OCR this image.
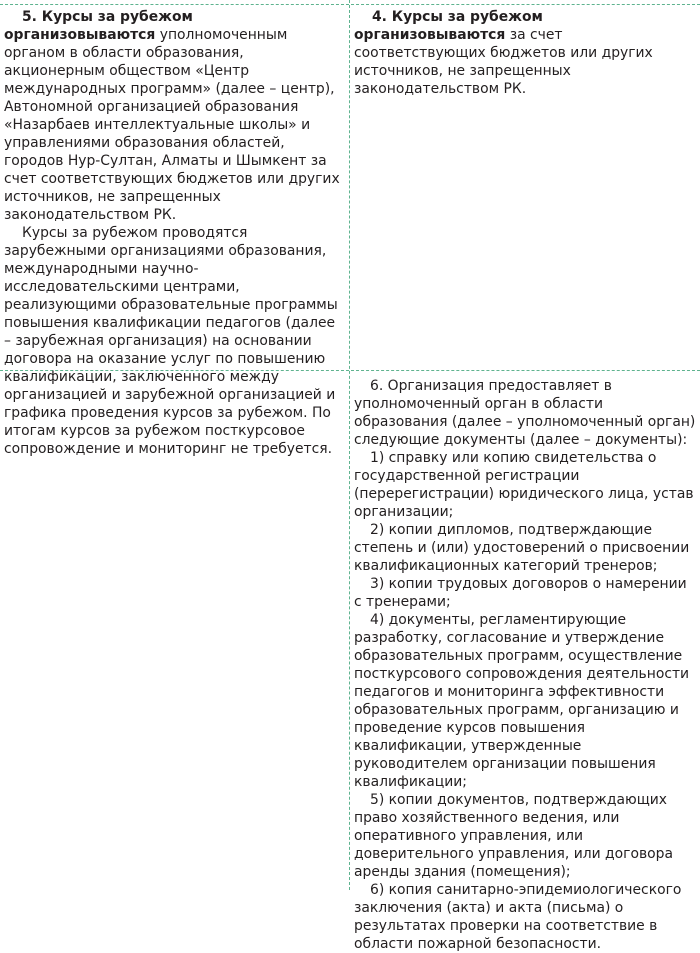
5. Курсы за рубежом организовываются уполномоченным органом в области образования, акционерным обществом «Центр международных программ» (далее – центр), Автономной организацией образования «Назарбаев интеллектуальные школы» и управлениями образования областей, городов Нур-Султан, Алматы и Шымкент за счет соответствующих бюджетов или других источников, не запрещенных законодательством РК.

Курсы за рубежом проводятся зарубежными организациями образования, международными научно-исследовательскими центрами, реализующими образовательные программы повышения квалификации педагогов (далее – зарубежная организация) на основании договора на оказание услуг по повышению квалификации, заключенного между организацией и зарубежной организацией и графика проведения курсов за рубежом. По итогам курсов за рубежом посткурсовое сопровождение и мониторинг не требуется.

4. Курсы за рубежом организовываются за счет соответствующих бюджетов или других источников, не запрещенных законодательством РК.

6. Организация предоставляет в уполномоченный орган в области образования (далее – уполномоченный орган) следующие документы (далее – документы):

1) справку или копию свидетельства о государственной регистрации (перерегистрации) юридического лица, устав организации;

2) копии дипломов, подтверждающие степень и (или) удостоверений о присвоении квалификационных категорий тренеров;

3) копии трудовых договоров о намерении с тренерами;

4) документы, регламентирующие разработку, согласование и утверждение образовательных программ, осуществление посткурсового сопровождения деятельности педагогов и мониторинга эффективности образовательных программ, организацию и проведение курсов повышения квалификации, утвержденные руководителем организации повышения квалификации;

5) копии документов, подтверждающих право хозяйственного ведения, или оперативного управления, или доверительного управления, или договора аренды здания (помещения);

6) копия санитарно-эпидемиологического заключения (акта) и акта (письма) о результатах проверки на соответствие в области пожарной безопасности.
